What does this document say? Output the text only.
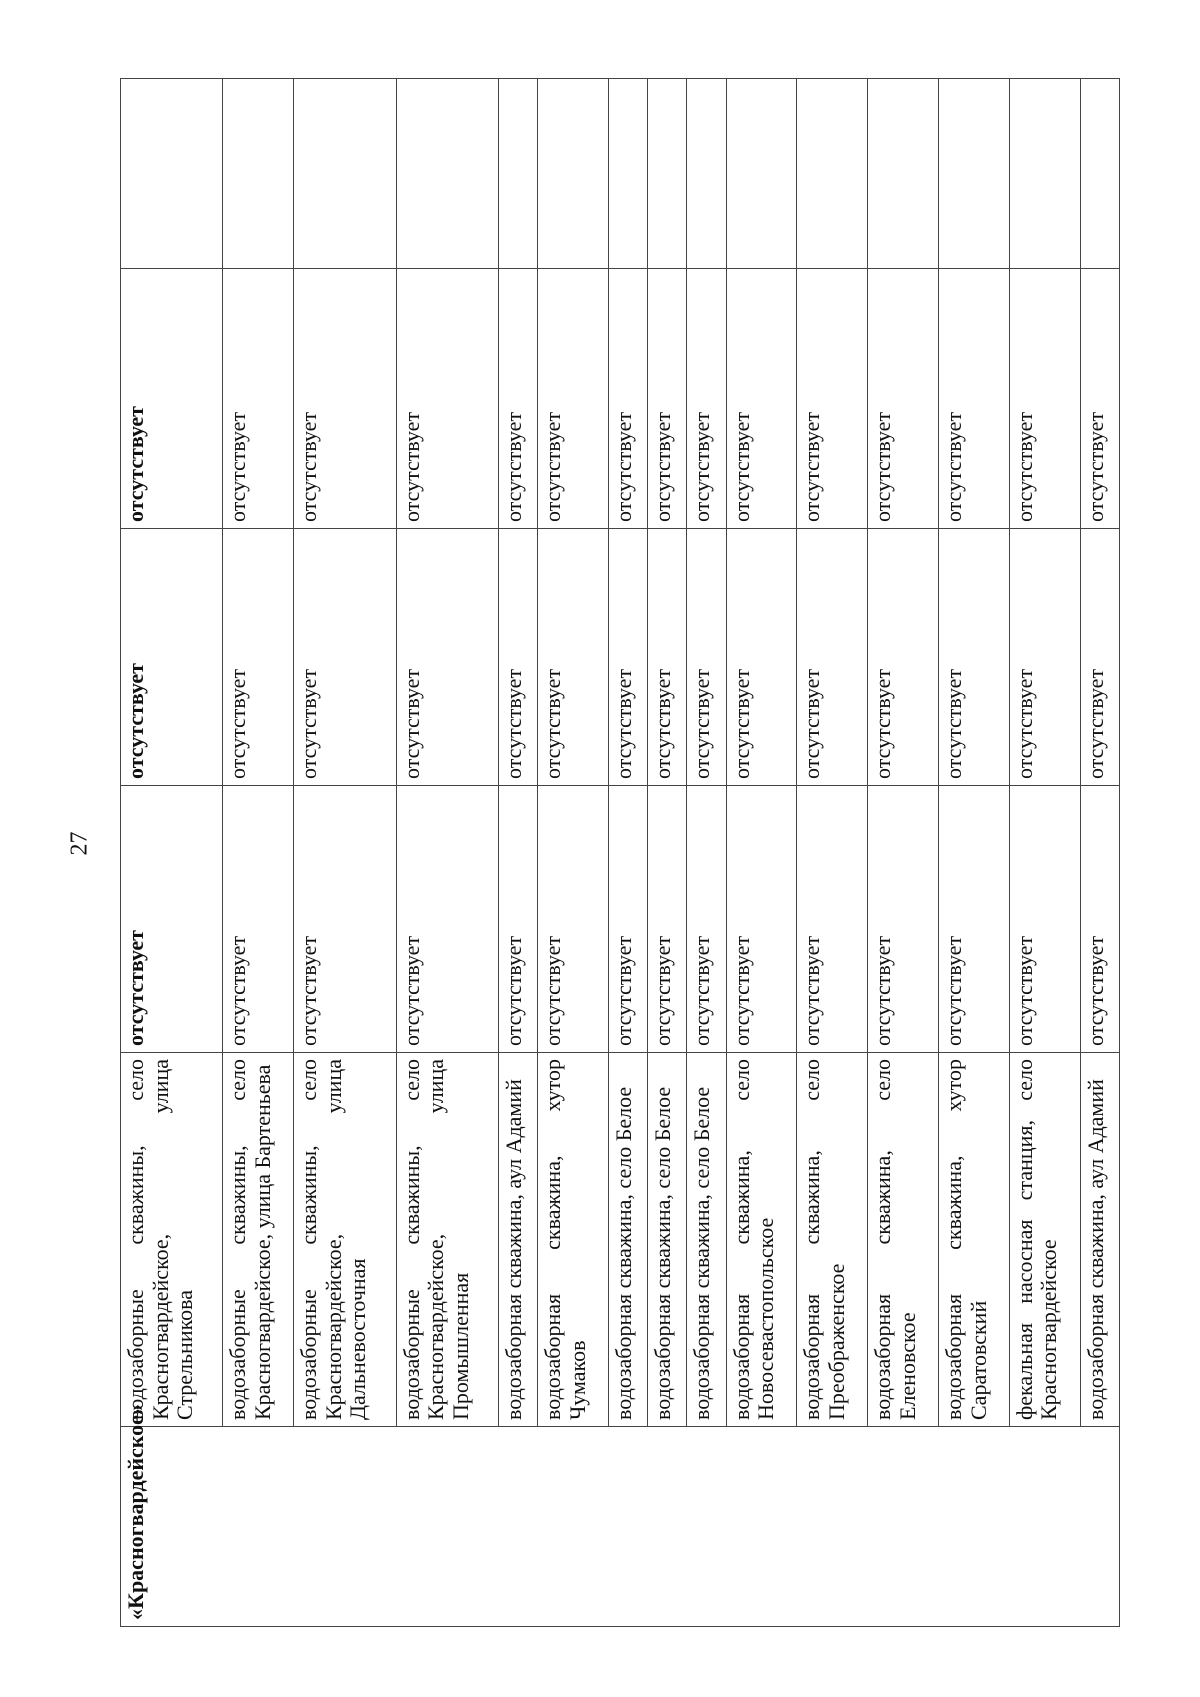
27
«Красногвардейское»	водозаборные скважины, село Красногвардейское, улица Стрельникова	отсутствует	отсутствует	отсутствует	
	водозаборные скважины, село Красногвардейское, улица Бартеньева	отсутствует	отсутствует	отсутствует	
	водозаборные скважины, село Красногвардейское, улица Дальневосточная	отсутствует	отсутствует	отсутствует	
	водозаборные скважины, село Красногвардейское, улица Промышленная	отсутствует	отсутствует	отсутствует	
	водозаборная скважина, аул Адамий	отсутствует	отсутствует	отсутствует	
	водозаборная скважина, хутор Чумаков	отсутствует	отсутствует	отсутствует	
	водозаборная скважина, село Белое	отсутствует	отсутствует	отсутствует	
	водозаборная скважина, село Белое	отсутствует	отсутствует	отсутствует	
	водозаборная скважина, село Белое	отсутствует	отсутствует	отсутствует	
	водозаборная скважина, село Новосевастопольское	отсутствует	отсутствует	отсутствует	
	водозаборная скважина, село Преображенское	отсутствует	отсутствует	отсутствует	
	водозаборная скважина, село Еленовское	отсутствует	отсутствует	отсутствует	
	водозаборная скважина, хутор Саратовский	отсутствует	отсутствует	отсутствует	
	фекальная насосная станция, село Красногвардейское	отсутствует	отсутствует	отсутствует	
	водозаборная скважина, аул Адамий	отсутствует	отсутствует	отсутствует	
